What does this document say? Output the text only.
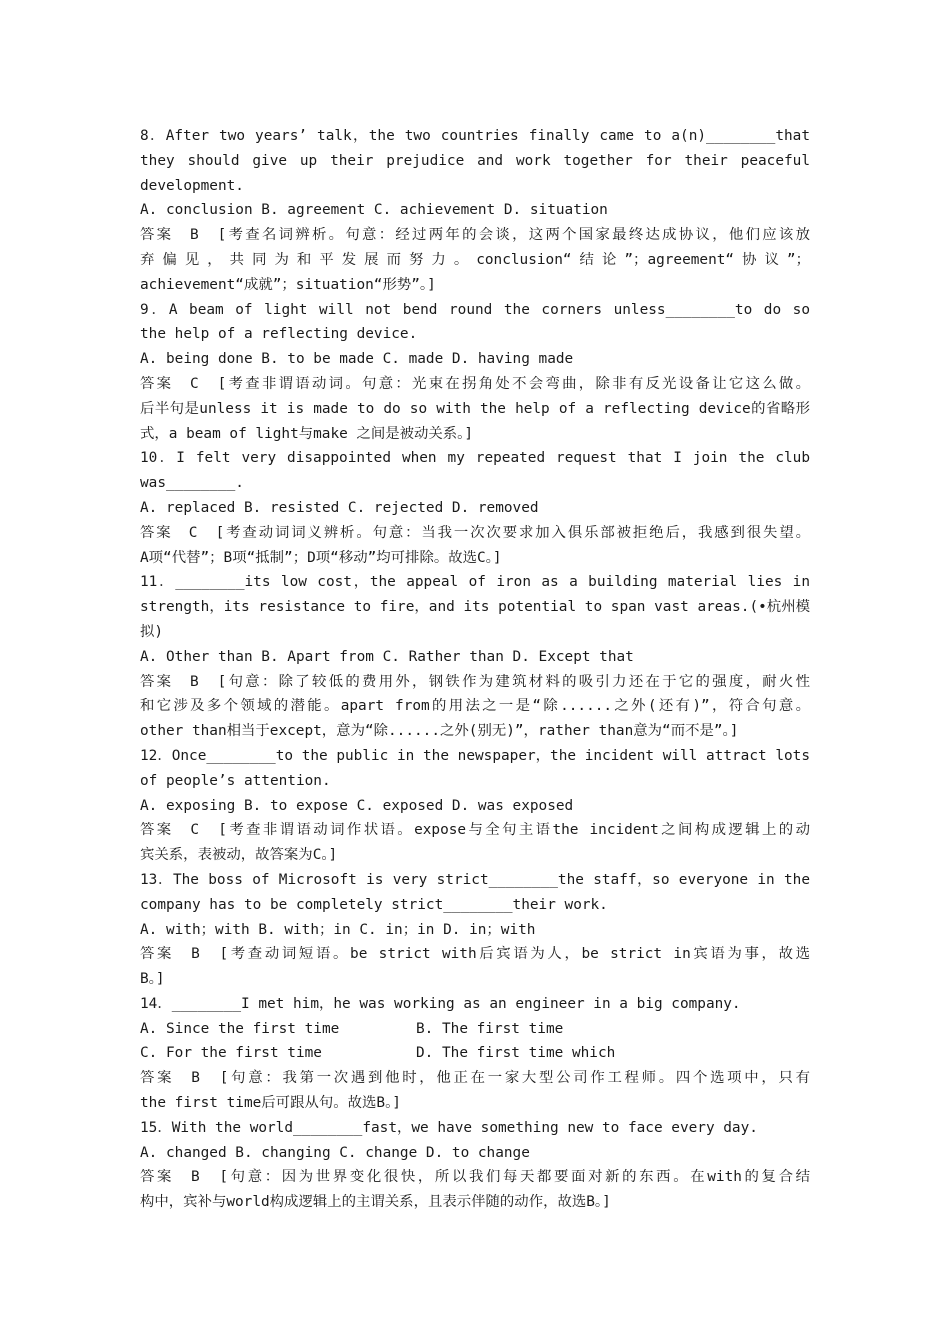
8．After two years’ talk，the two countries finally came to a(n)________that
they should give up their prejudice and work together for their peaceful
development.
A. conclusion B. agreement C. achievement D. situation
答案　B　[考查名词辨析。句意：经过两年的会谈，这两个国家最终达成协议，他们应该放
弃偏见，共同为和平发展而努力。conclusion“结论”；agreement“协议”；
achievement“成就”；situation“形势”。]
9．A beam of light will not bend round the corners unless________to do so
the help of a reflecting device.
A. being done B. to be made C. made D. having made
答案　C　[考查非谓语动词。句意：光束在拐角处不会弯曲，除非有反光设备让它这么做。
后半句是unless it is made to do so with the help of a reflecting device的省略形
式，a beam of light与make 之间是被动关系。]
10．I felt very disappointed when my repeated request that I join the club
was________.
A. replaced B. resisted C. rejected D. removed
答案　C　[考查动词词义辨析。句意：当我一次次要求加入俱乐部被拒绝后，我感到很失望。
A项“代替”；B项“抵制”；D项“移动”均可排除。故选C。]
11．________its low cost，the appeal of iron as a building material lies in
strength，its resistance to fire，and its potential to span vast areas.(•杭州模
拟)
A. Other than B. Apart from C. Rather than D. Except that
答案　B　[句意：除了较低的费用外，钢铁作为建筑材料的吸引力还在于它的强度，耐火性
和它涉及多个领域的潜能。apart from的用法之一是“除......之外(还有)”，符合句意。
other than相当于except，意为“除......之外(别无)”，rather than意为“而不是”。]
12．Once________to the public in the newspaper，the incident will attract lots
of people’s attention.
A. exposing B. to expose C. exposed D. was exposed
答案　C　[考查非谓语动词作状语。expose与全句主语the incident之间构成逻辑上的动
宾关系，表被动，故答案为C。]
13．The boss of Microsoft is very strict________the staff，so everyone in the
company has to be completely strict________their work.
A. with；with B. with；in C. in；in D. in；with
答案　B　[考查动词短语。be strict with后宾语为人，be strict in宾语为事，故选
B。]
14．________I met him，he was working as an engineer in a big company.
A. Since the first time	B. The first time
C. For the first time	D. The first time which
答案　B　[句意：我第一次遇到他时，他正在一家大型公司作工程师。四个选项中，只有
the first time后可跟从句。故选B。]
15．With the world________fast，we have something new to face every day.
A. changed B. changing C. change D. to change
答案　B　[句意：因为世界变化很快，所以我们每天都要面对新的东西。在with的复合结
构中，宾补与world构成逻辑上的主谓关系，且表示伴随的动作，故选B。]
